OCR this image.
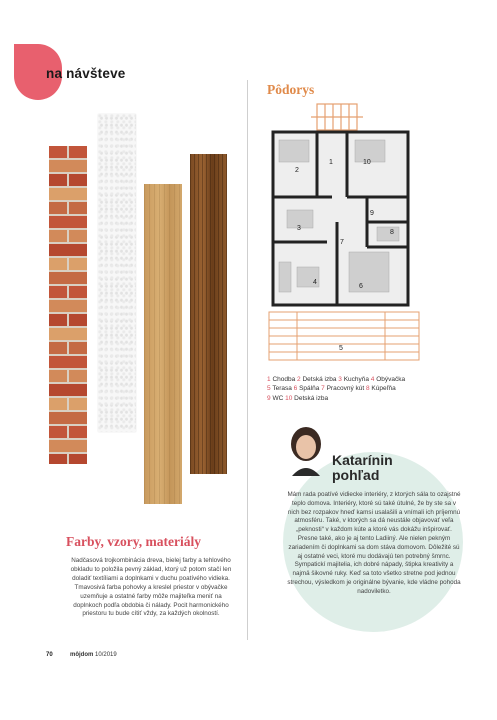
na návšteve
Farby, vzory, materiály
Nadčasová trojkombinácia dreva, bielej farby a tehlového obkladu to položila pevný základ, ktorý už potom stačí len doladiť textíliami a doplnkami v duchu poatívého vidieka. Tmavosivá farba pohovky a kreslel priestor v obývačke uzemňuje a ostatné farby môže majiteľka meniť na doplnkoch podľa obdobia či nálady. Pocit harmonického priestoru tu bude cítiť vždy, za každých okolností.
Pôdorys
2
1	10
3
7
9
8
4
6
5
1 Chodba 2 Detská izba 3 Kuchyňa 4 Obývačka
5 Terasa 6 Spálňa 7 Pracovný kút 8 Kúpeľňa
9 WC 10 Detská izba
Katarínin
pohľad
Mám rada poatívé vidiecke interiéry, z ktorých sála to ozajstné teplo domova. Interiéry, ktoré sú také útulné, že by ste sa v nich bez rozpakov hneď kamsi usalašili a vnímali ich príjemnú atmosféru. Také, v ktorých sa dá neustále objavovať veľa „peknosti“ v každom kúte a ktoré vás dokážu inšpirovať. Presne také, ako je aj tento Ladiiný. Ale nielen pekným zariadením či doplnkami sa dom stáva domovom. Dôležité sú aj ostatné veci, ktoré mu dodávajú ten potrebný šmrnc. Sympatickí majitelia, ich dobré nápady, štipka kreativity a najmä šikovné ruky. Keď sa toto všetko stretne pod jednou strechou, výsledkom je originálne bývanie, kde vládne pohoda nadoviletko.
70	môjdom 10/2019
